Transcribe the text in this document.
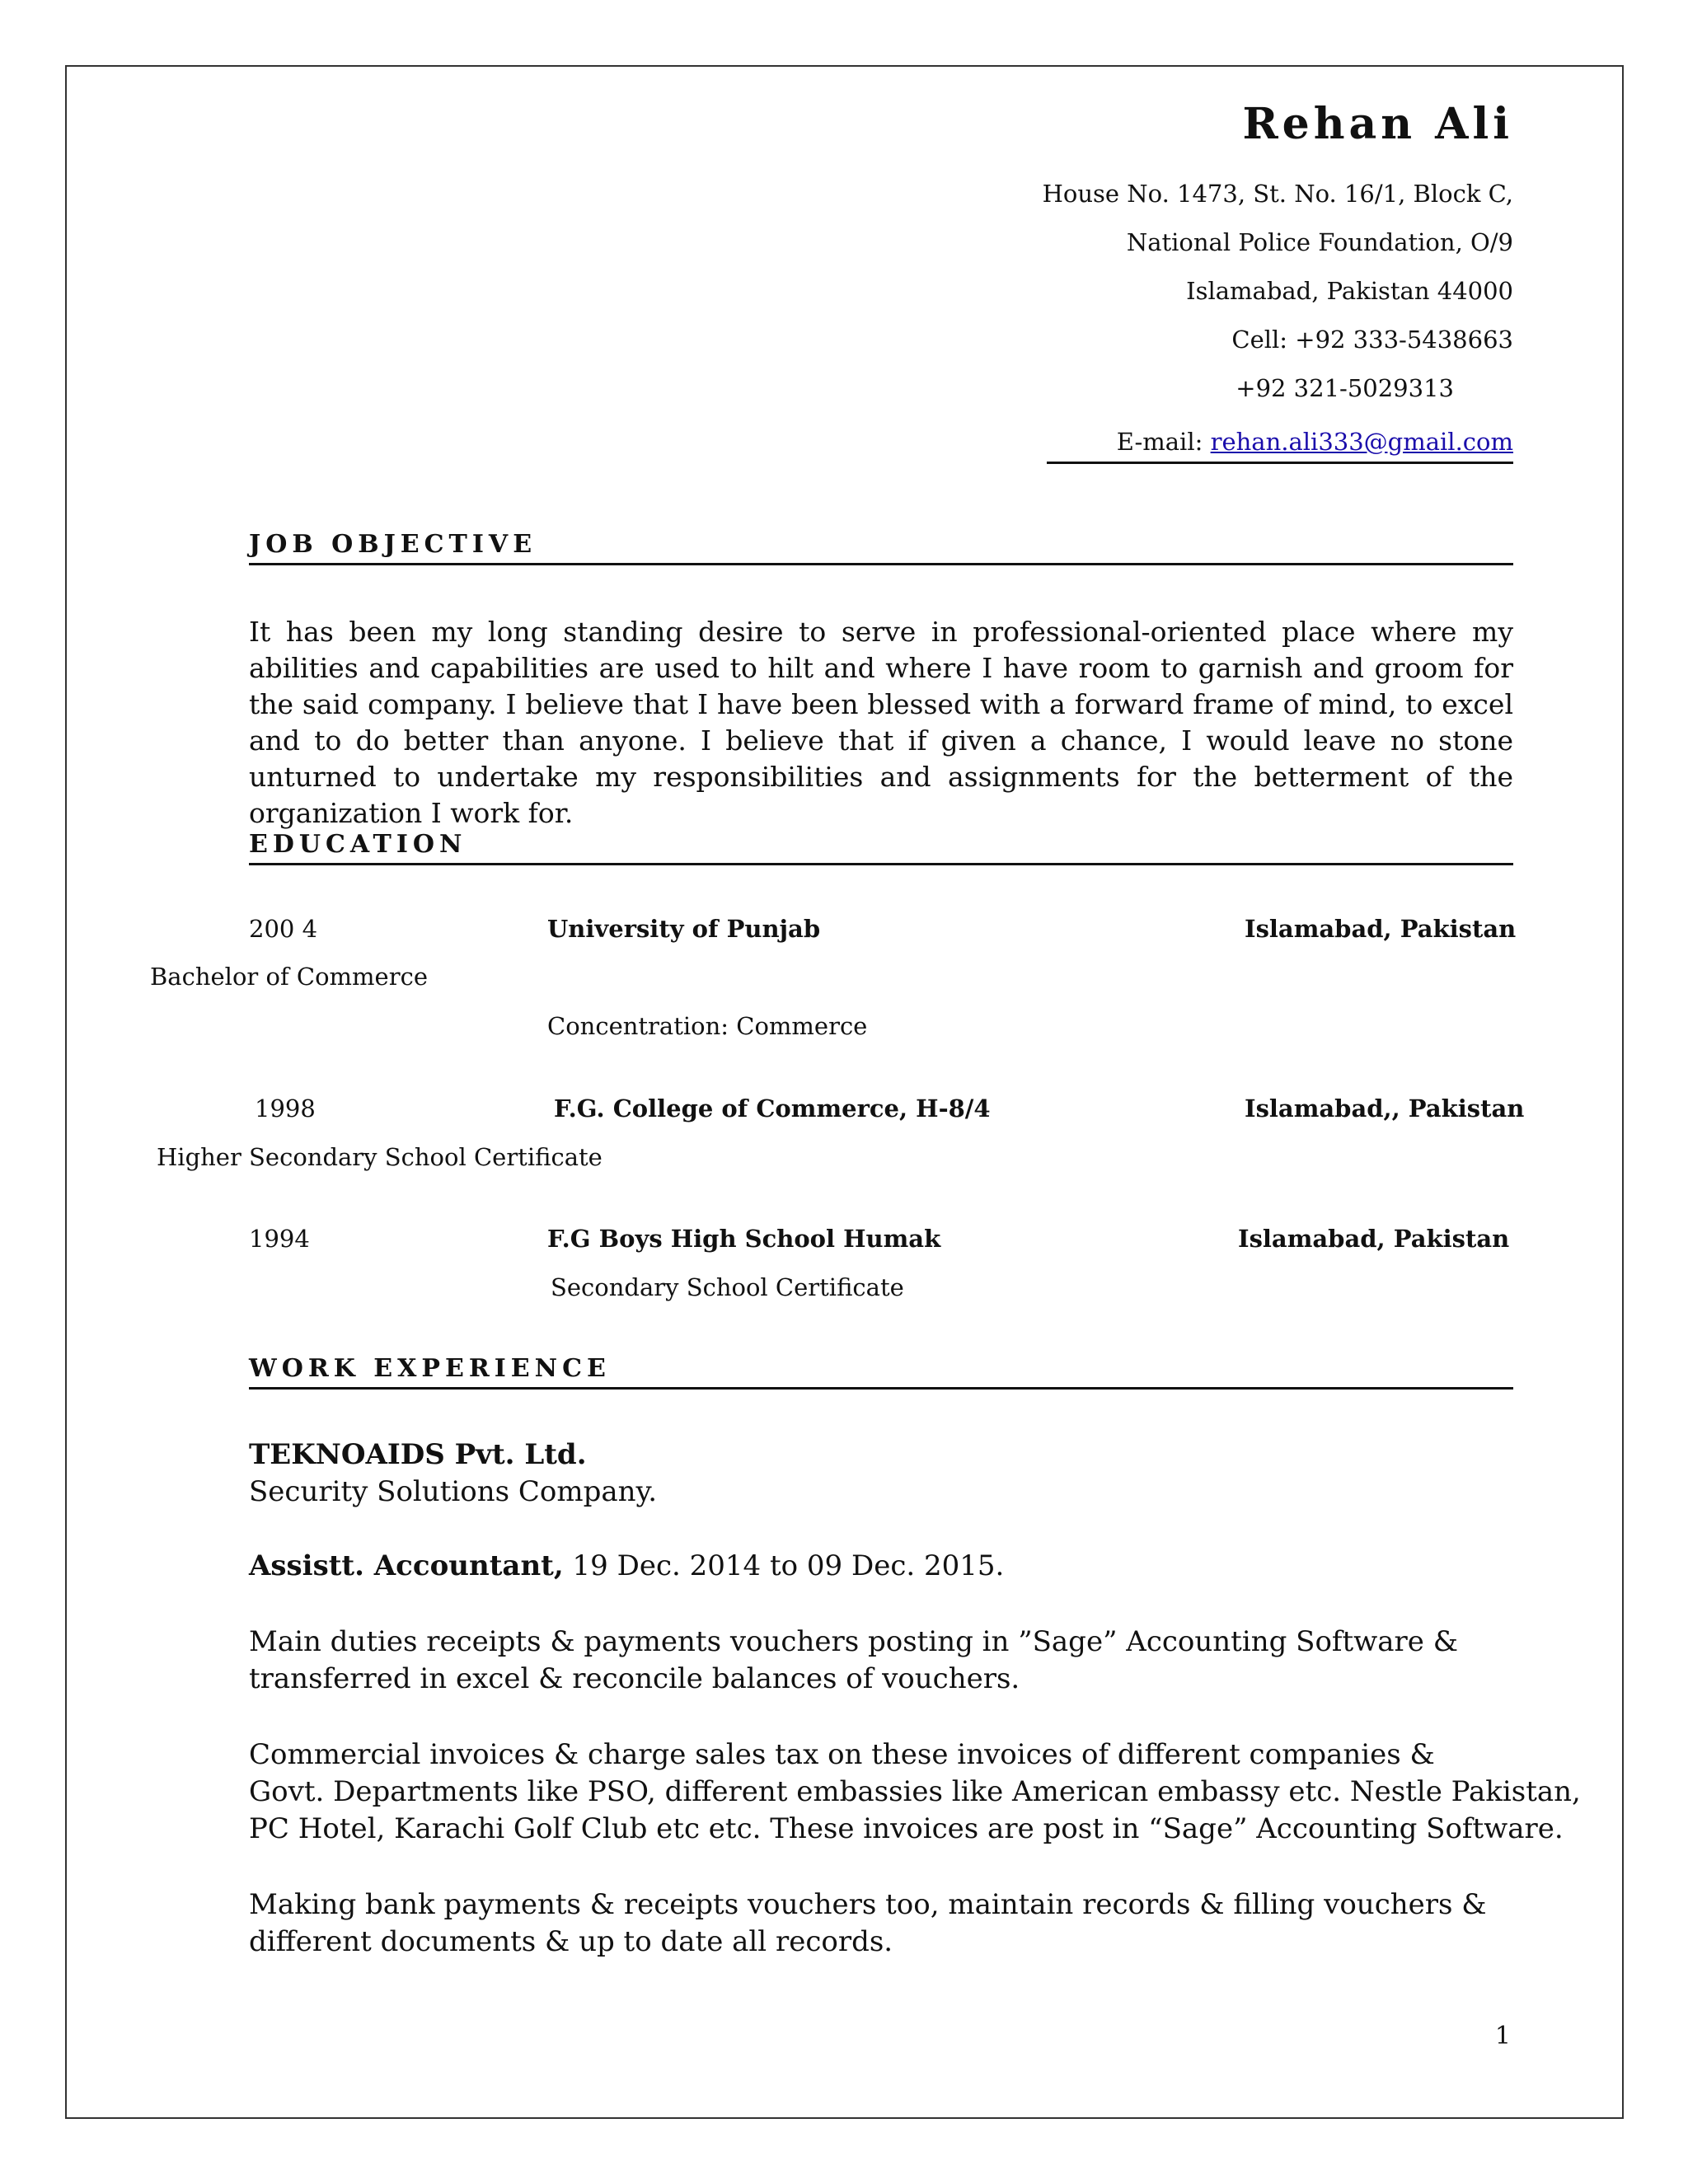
Rehan Ali
House No. 1473, St. No. 16/1, Block C,
National Police Foundation, O/9
Islamabad, Pakistan 44000
Cell: +92 333-5438663
+92 321-5029313
E-mail: rehan.ali333@gmail.com
JOB OBJECTIVE
It has been my long standing desire to serve in professional-oriented place where my abilities and capabilities are used to hilt and where I have room to garnish and groom for the said company. I believe that I have been blessed with a forward frame of mind, to excel and to do better than anyone. I believe that if given a chance, I would leave no stone unturned to undertake my responsibilities and assignments for the betterment of the organization I work for.
EDUCATION
200 4	University of Punjab	Islamabad, Pakistan
Bachelor of Commerce
Concentration: Commerce
1998	F.G. College of Commerce, H-8/4	Islamabad,, Pakistan
Higher Secondary School Certificate
1994	F.G Boys High School Humak	Islamabad, Pakistan
Secondary School Certificate
WORK EXPERIENCE
TEKNOAIDS Pvt. Ltd.
Security Solutions Company.
Assistt. Accountant, 19 Dec. 2014 to 09 Dec. 2015.
Main duties receipts & payments vouchers posting in ”Sage” Accounting Software &
transferred in excel & reconcile balances of vouchers.
Commercial invoices & charge sales tax on these invoices of different companies &
Govt. Departments like PSO, different embassies like American embassy etc. Nestle Pakistan,
PC Hotel, Karachi Golf Club etc etc. These invoices are post in “Sage” Accounting Software.
Making bank payments & receipts vouchers too, maintain records & filling vouchers &
different documents & up to date all records.
1
